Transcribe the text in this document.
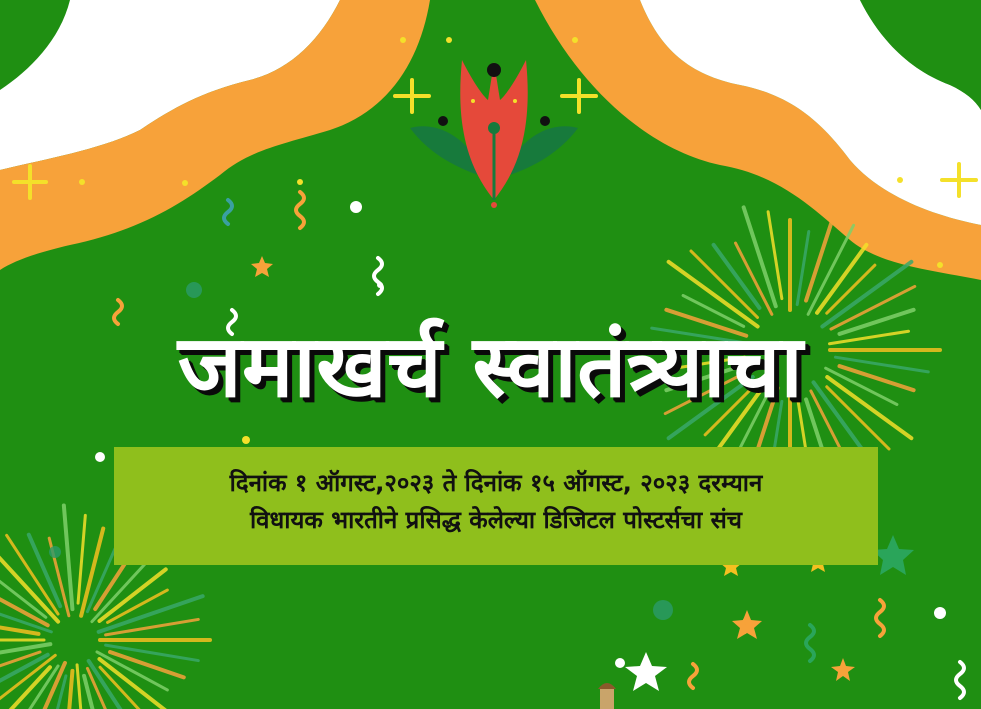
जमाखर्च स्वातंत्र्याचा
दिनांक १ ऑगस्ट,२०२३ ते दिनांक १५ ऑगस्ट, २०२३ दरम्यान
विधायक भारतीने प्रसिद्ध केलेल्या डिजिटल पोस्टर्सचा संच
